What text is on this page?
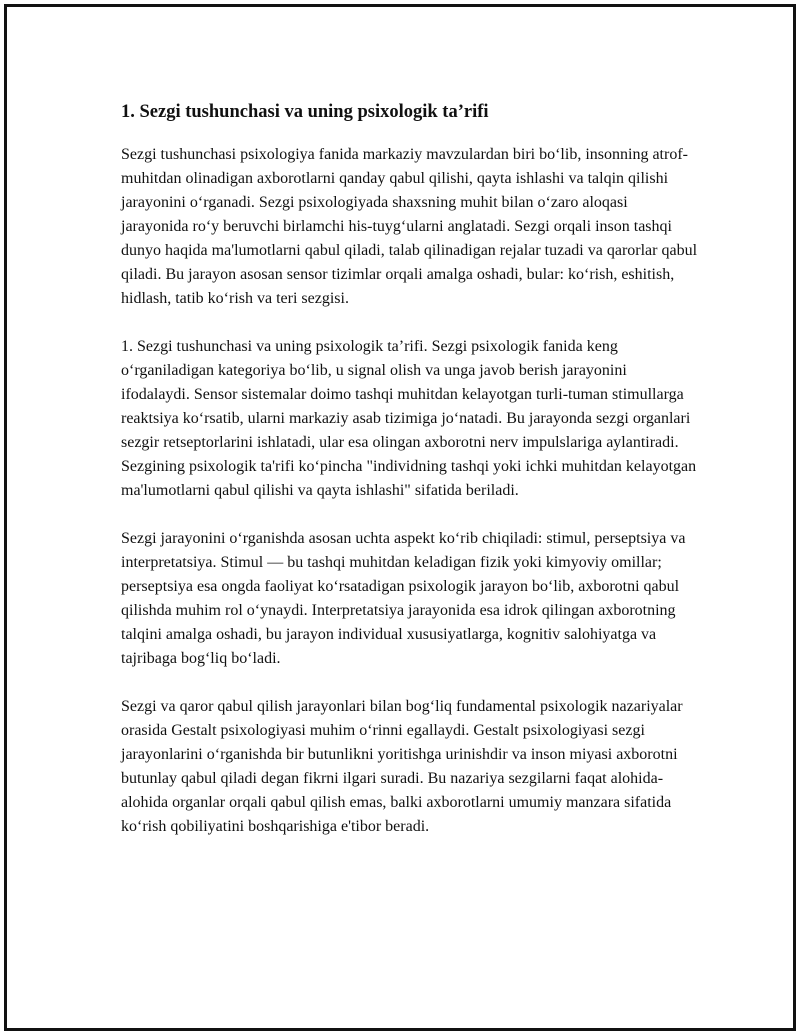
1. Sezgi tushunchasi va uning psixologik ta’rifi

Sezgi tushunchasi psixologiya fanida markaziy mavzulardan biri bo‘lib, insonning atrof-muhitdan olinadigan axborotlarni qanday qabul qilishi, qayta ishlashi va talqin qilishi jarayonini o‘rganadi. Sezgi psixologiyada shaxsning muhit bilan o‘zaro aloqasi jarayonida ro‘y beruvchi birlamchi his-tuyg‘ularni anglatadi. Sezgi orqali inson tashqi dunyo haqida ma'lumotlarni qabul qiladi, talab qilinadigan rejalar tuzadi va qarorlar qabul qiladi. Bu jarayon asosan sensor tizimlar orqali amalga oshadi, bular: ko‘rish, eshitish, hidlash, tatib ko‘rish va teri sezgisi.

1. Sezgi tushunchasi va uning psixologik ta’rifi. Sezgi psixologik fanida keng o‘rganiladigan kategoriya bo‘lib, u signal olish va unga javob berish jarayonini ifodalaydi. Sensor sistemalar doimo tashqi muhitdan kelayotgan turli-tuman stimullarga reaktsiya ko‘rsatib, ularni markaziy asab tizimiga jo‘natadi. Bu jarayonda sezgi organlari sezgir retseptorlarini ishlatadi, ular esa olingan axborotni nerv impulslariga aylantiradi. Sezgining psixologik ta'rifi ko‘pincha "individning tashqi yoki ichki muhitdan kelayotgan ma'lumotlarni qabul qilishi va qayta ishlashi" sifatida beriladi.

Sezgi jarayonini o‘rganishda asosan uchta aspekt ko‘rib chiqiladi: stimul, perseptsiya va interpretatsiya. Stimul — bu tashqi muhitdan keladigan fizik yoki kimyoviy omillar; perseptsiya esa ongda faoliyat ko‘rsatadigan psixologik jarayon bo‘lib, axborotni qabul qilishda muhim rol o‘ynaydi. Interpretatsiya jarayonida esa idrok qilingan axborotning talqini amalga oshadi, bu jarayon individual xususiyatlarga, kognitiv salohiyatga va tajribaga bog‘liq bo‘ladi.

Sezgi va qaror qabul qilish jarayonlari bilan bog‘liq fundamental psixologik nazariyalar orasida Gestalt psixologiyasi muhim o‘rinni egallaydi. Gestalt psixologiyasi sezgi jarayonlarini o‘rganishda bir butunlikni yoritishga urinishdir va inson miyasi axborotni butunlay qabul qiladi degan fikrni ilgari suradi. Bu nazariya sezgilarni faqat alohida-alohida organlar orqali qabul qilish emas, balki axborotlarni umumiy manzara sifatida ko‘rish qobiliyatini boshqarishiga e'tibor beradi.
